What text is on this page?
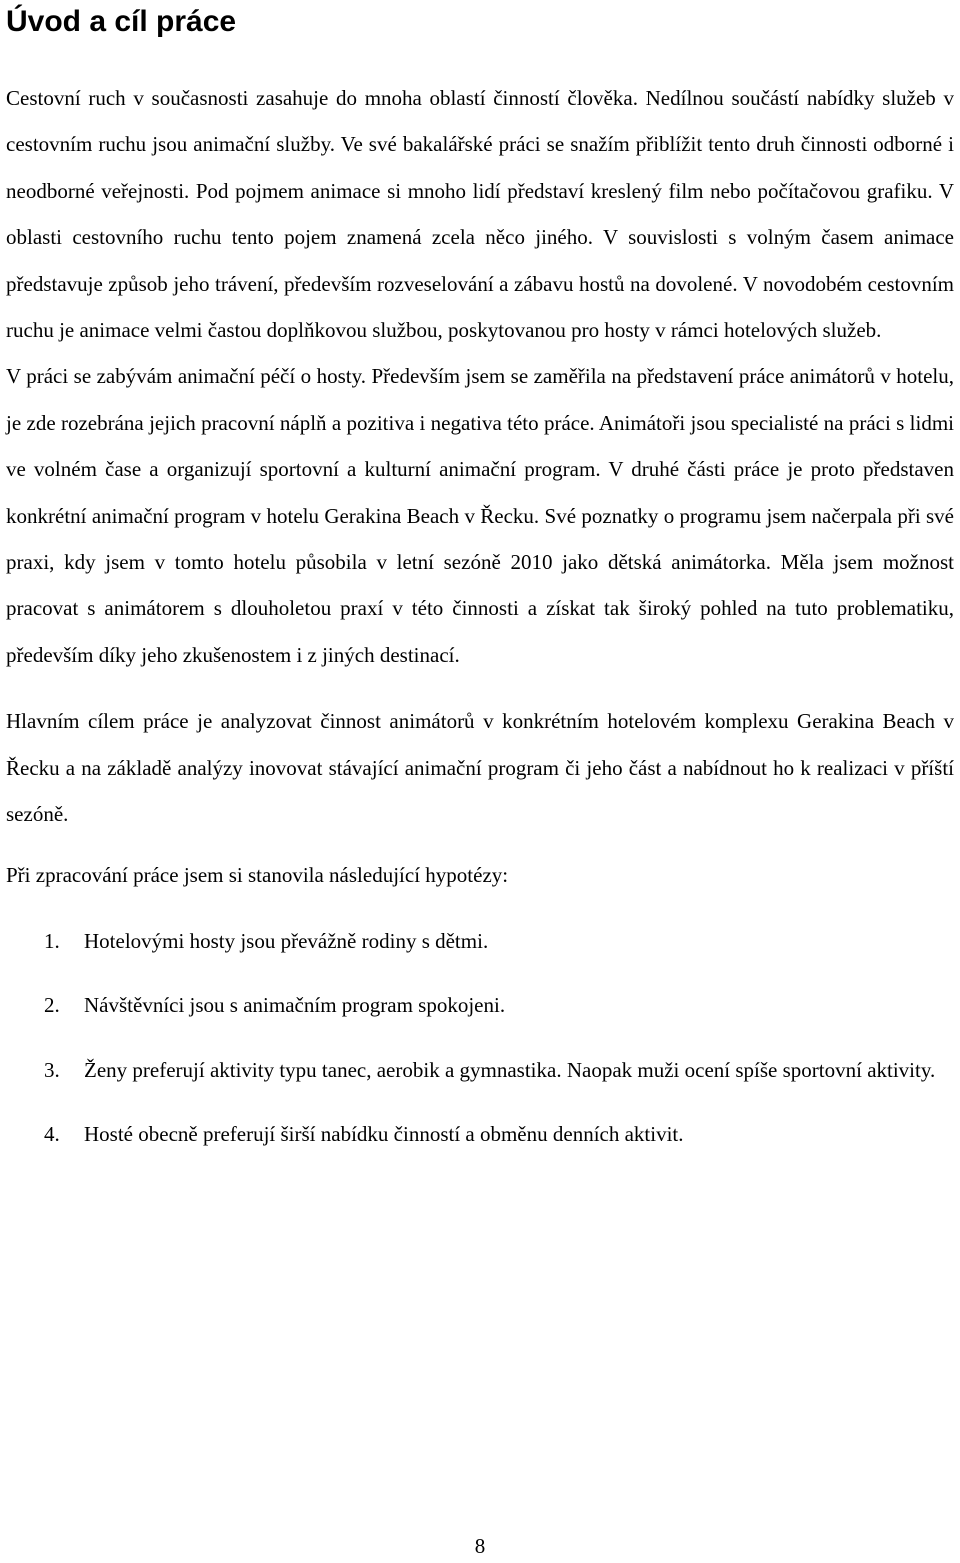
Úvod a cíl práce

Cestovní ruch v současnosti zasahuje do mnoha oblastí činností člověka. Nedílnou součástí nabídky služeb v cestovním ruchu jsou animační služby. Ve své bakalářské práci se snažím přiblížit tento druh činnosti odborné i neodborné veřejnosti. Pod pojmem animace si mnoho lidí představí kreslený film nebo počítačovou grafiku. V oblasti cestovního ruchu tento pojem znamená zcela něco jiného. V souvislosti s volným časem animace představuje způsob jeho trávení, především rozveselování a zábavu hostů na dovolené. V novodobém cestovním ruchu je animace velmi častou doplňkovou službou, poskytovanou pro hosty v rámci hotelových služeb.

V práci se zabývám animační péčí o hosty. Především jsem se zaměřila na představení práce animátorů v hotelu, je zde rozebrána jejich pracovní náplň a pozitiva i negativa této práce. Animátoři jsou specialisté na práci s lidmi ve volném čase a organizují sportovní a kulturní animační program. V druhé části práce je proto představen konkrétní animační program v hotelu Gerakina Beach v Řecku. Své poznatky o programu jsem načerpala při své praxi, kdy jsem v tomto hotelu působila v letní sezóně 2010 jako dětská animátorka. Měla jsem možnost pracovat s animátorem s dlouholetou praxí v této činnosti a získat tak široký pohled na tuto problematiku, především díky jeho zkušenostem i z jiných destinací.

Hlavním cílem práce je analyzovat činnost animátorů v konkrétním hotelovém komplexu Gerakina Beach v Řecku a na základě analýzy inovovat stávající animační program či jeho část a nabídnout ho k realizaci v příští sezóně.

Při zpracování práce jsem si stanovila následující hypotézy:

1.	Hotelovými hosty jsou převážně rodiny s dětmi.
2.	Návštěvníci jsou s animačním program spokojeni.
3.	Ženy preferují aktivity typu tanec, aerobik a gymnastika. Naopak muži ocení spíše sportovní aktivity.
4.	Hosté obecně preferují širší nabídku činností a obměnu denních aktivit.
8
